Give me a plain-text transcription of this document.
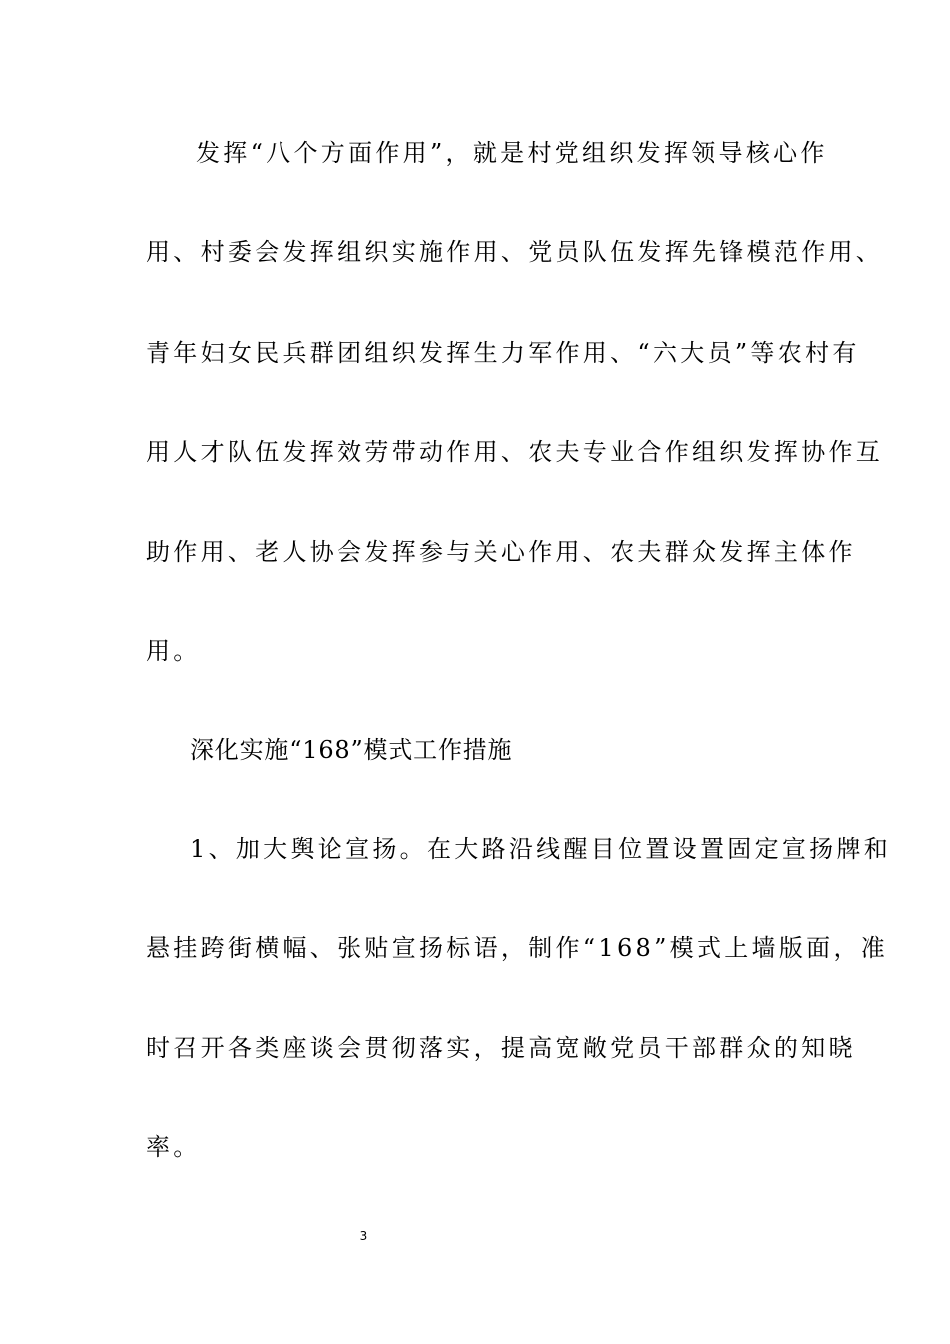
发挥“八个方面作用”，就是村党组织发挥领导核心作
用、村委会发挥组织实施作用、党员队伍发挥先锋模范作用、
青年妇女民兵群团组织发挥生力军作用、“六大员”等农村有
用人才队伍发挥效劳带动作用、农夫专业合作组织发挥协作互
助作用、老人协会发挥参与关心作用、农夫群众发挥主体作
用。
深化实施“168”模式工作措施
1、加大舆论宣扬。在大路沿线醒目位置设置固定宣扬牌和
悬挂跨街横幅、张贴宣扬标语，制作“168”模式上墙版面，准
时召开各类座谈会贯彻落实，提高宽敞党员干部群众的知晓
率。
3
